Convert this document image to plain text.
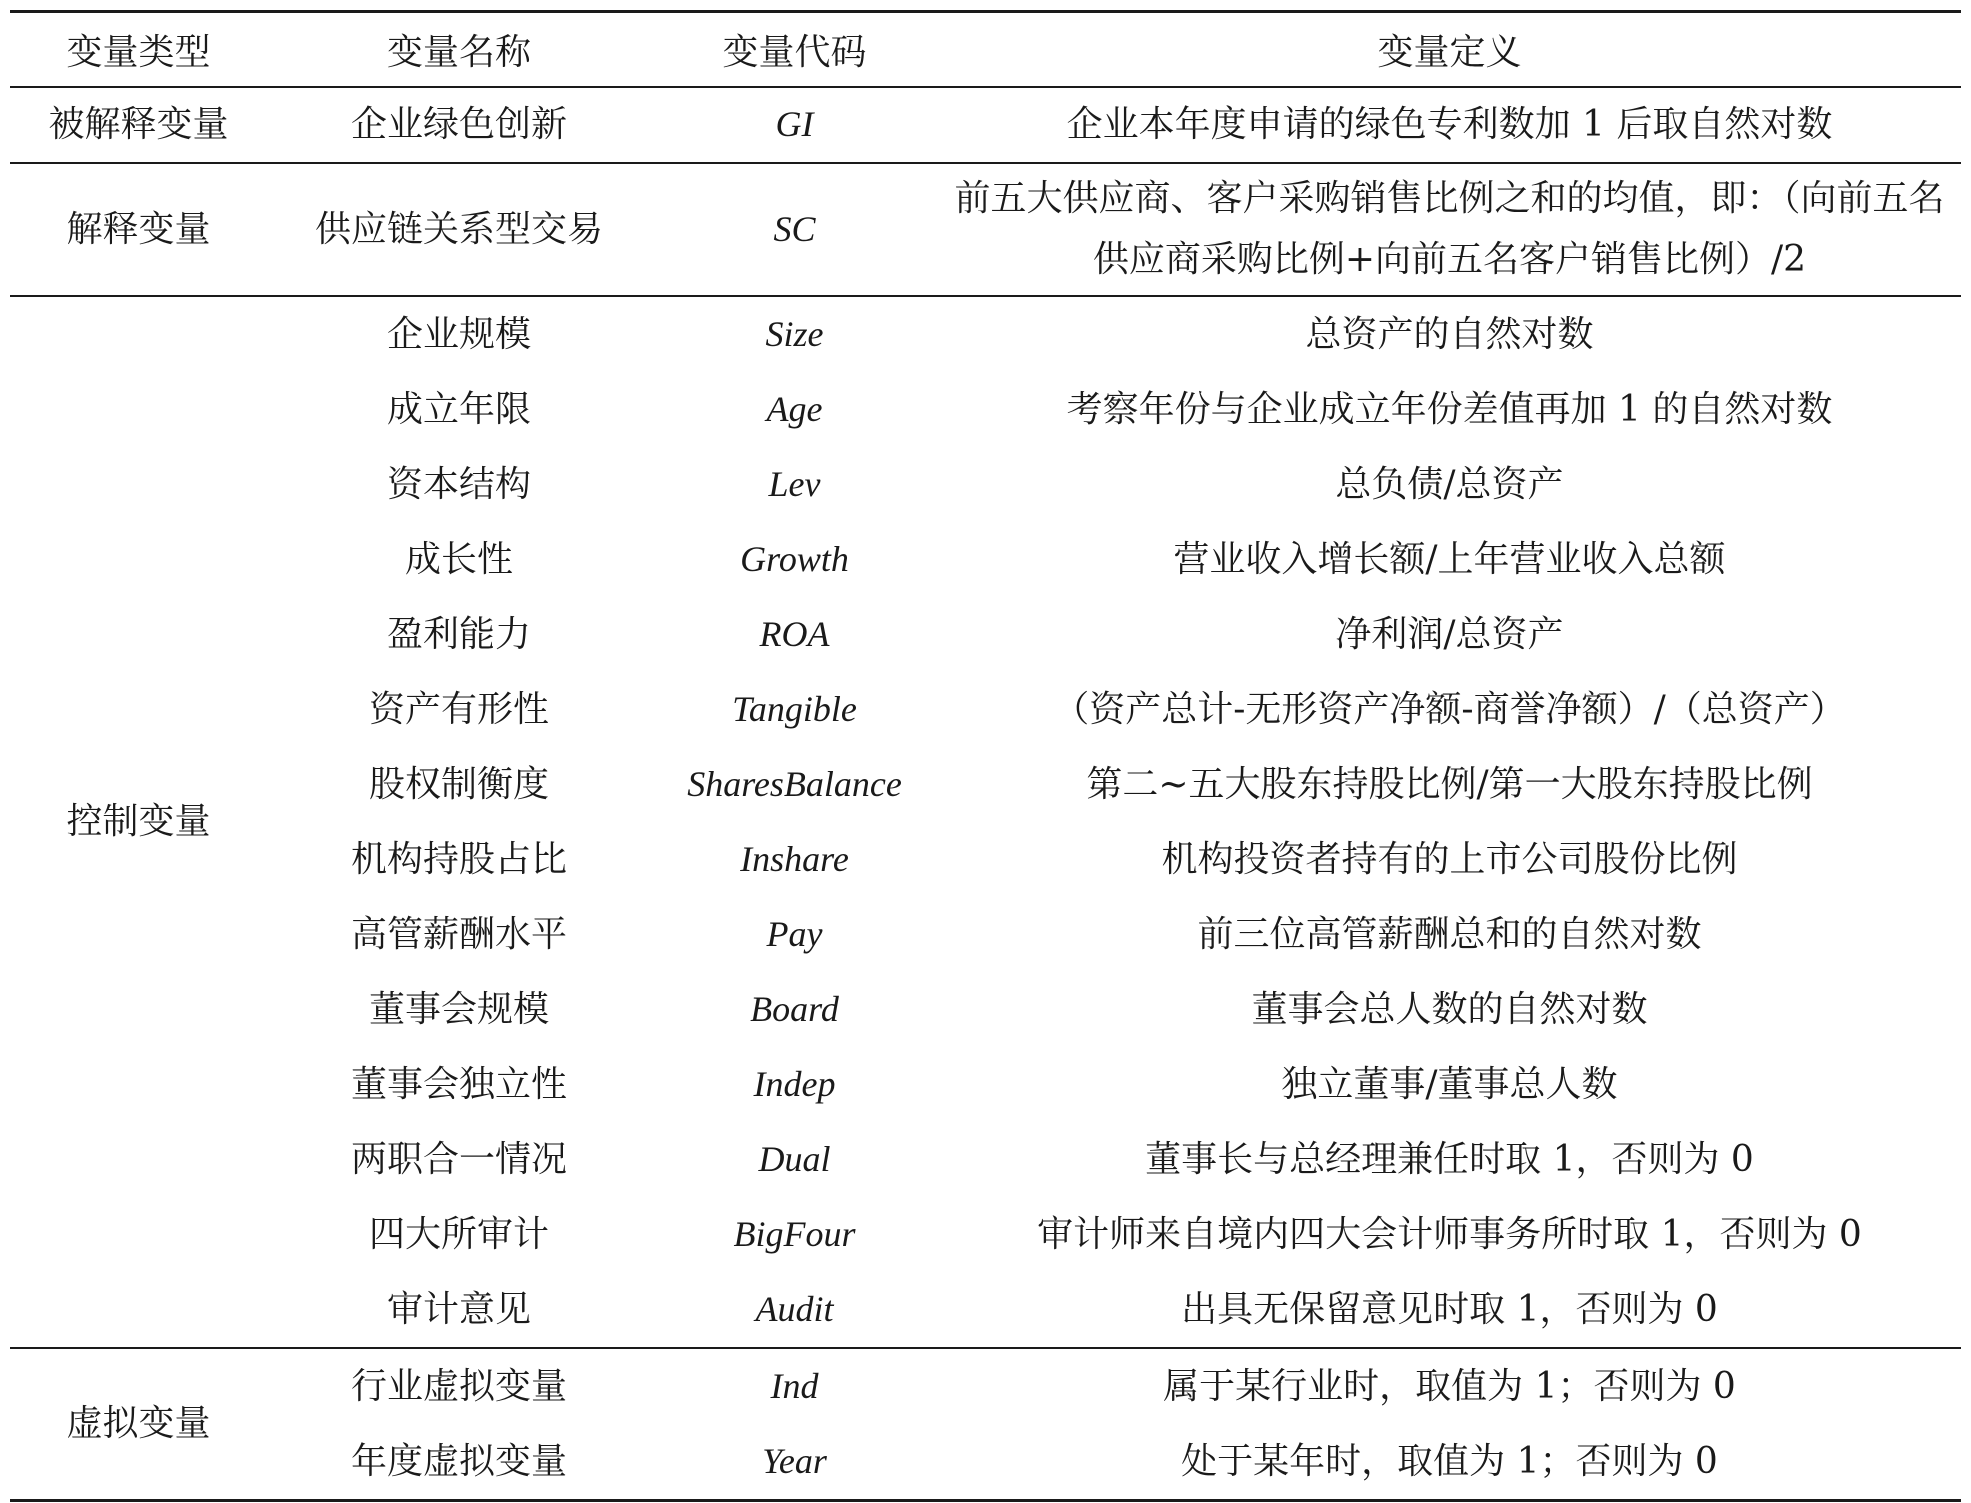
变量类型	变量名称	变量代码	变量定义
被解释变量	企业绿色创新	GI	企业本年度申请的绿色专利数加 1 后取自然对数
解释变量	供应链关系型交易	SC	前五大供应商、客户采购销售比例之和的均值，即：（向前五名供应商采购比例+向前五名客户销售比例）/2
控制变量	企业规模	Size	总资产的自然对数
	成立年限	Age	考察年份与企业成立年份差值再加 1 的自然对数
	资本结构	Lev	总负债/总资产
	成长性	Growth	营业收入增长额/上年营业收入总额
	盈利能力	ROA	净利润/总资产
	资产有形性	Tangible	（资产总计-无形资产净额-商誉净额）/（总资产）
	股权制衡度	SharesBalance	第二~五大股东持股比例/第一大股东持股比例
	机构持股占比	Inshare	机构投资者持有的上市公司股份比例
	高管薪酬水平	Pay	前三位高管薪酬总和的自然对数
	董事会规模	Board	董事会总人数的自然对数
	董事会独立性	Indep	独立董事/董事总人数
	两职合一情况	Dual	董事长与总经理兼任时取 1，否则为 0
	四大所审计	BigFour	审计师来自境内四大会计师事务所时取 1，否则为 0
	审计意见	Audit	出具无保留意见时取 1，否则为 0
虚拟变量	行业虚拟变量	Ind	属于某行业时，取值为 1；否则为 0
	年度虚拟变量	Year	处于某年时，取值为 1；否则为 0
